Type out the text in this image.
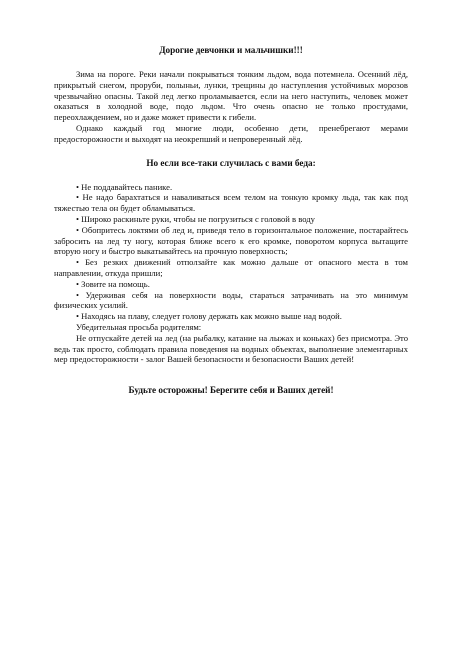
Дорогие девчонки и мальчишки!!!

Зима на пороге. Реки начали покрываться тонким льдом, вода потемнела. Осенний лёд, прикрытый снегом, проруби, полыньи, лунки, трещины до наступления устойчивых морозов чрезвычайно опасны. Такой лед легко проламывается, если на него наступить, человек может оказаться в холодной воде, подо льдом. Что очень опасно не только простудами, переохлаждением, но и даже может привести к гибели.

Однако каждый год многие люди, особенно дети, пренебрегают мерами предосторожности и выходят на неокрепший и непроверенный лёд.

Но если все-таки случилась с вами беда:

• Не поддавайтесь панике.

• Не надо барахтаться и наваливаться всем телом на тонкую кромку льда, так как под тяжестью тела он будет обламываться.

• Широко раскиньте руки, чтобы не погрузиться с головой в воду

• Обопритесь локтями об лед и, приведя тело в горизонтальное положение, постарайтесь забросить на лед ту ногу, которая ближе всего к его кромке, поворотом корпуса вытащите вторую ногу и быстро выкатывайтесь на прочную поверхность;

• Без резких движений отползайте как можно дальше от опасного места в том направлении, откуда пришли;

• Зовите на помощь.

• Удерживая себя на поверхности воды, стараться затрачивать на это минимум физических усилий.

• Находясь на плаву, следует голову держать как можно выше над водой.

Убедительная просьба родителям:

Не отпускайте детей на лед (на рыбалку, катание на лыжах и коньках) без присмотра. Это ведь так просто, соблюдать правила поведения на водных объектах, выполнение элементарных мер предосторожности - залог Вашей безопасности и безопасности Ваших детей!

Будьте осторожны! Берегите себя и Ваших детей!
